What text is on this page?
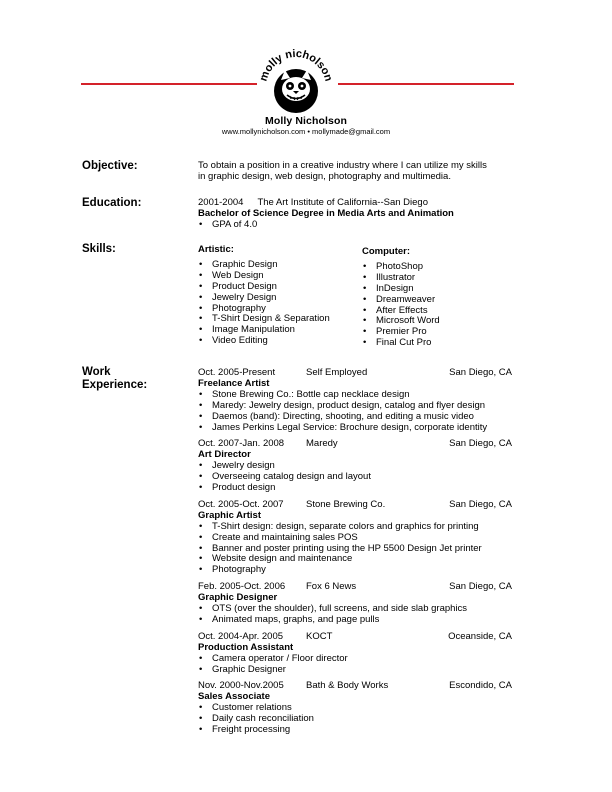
molly nicholson
Molly Nicholson
www.mollynicholson.com • mollymade@gmail.com
Objective:	To obtain a position in a creative industry where I can utilize my skills
in graphic design, web design, photography and multimedia.
Education:	2001-2004 The Art Institute of California--San Diego
Bachelor of Science Degree in Media Arts and Animation
• GPA of 4.0
Skills:	Artistic:
• Graphic Design
• Web Design
• Product Design
• Jewelry Design
• Photography
• T-Shirt Design & Separation
• Image Manipulation
• Video Editing
Computer:
• PhotoShop
• Illustrator
• InDesign
• Dreamweaver
• After Effects
• Microsoft Word
• Premier Pro
• Final Cut Pro
Work
Experience:
Oct. 2005-Present	Self Employed	San Diego, CA
Freelance Artist
• Stone Brewing Co.: Bottle cap necklace design
• Maredy: Jewelry design, product design, catalog and flyer design
• Daemos (band): Directing, shooting, and editing a music video
• James Perkins Legal Service: Brochure design, corporate identity
Oct. 2007-Jan. 2008 Maredy	San Diego, CA
Art Director
• Jewelry design
• Overseeing catalog design and layout
• Product design
Oct. 2005-Oct. 2007 Stone Brewing Co.	San Diego, CA
Graphic Artist
• T-Shirt design: design, separate colors and graphics for printing
• Create and maintaining sales POS
• Banner and poster printing using the HP 5500 Design Jet printer
• Website design and maintenance
• Photography
Feb. 2005-Oct. 2006 Fox 6 News	San Diego, CA
Graphic Designer
• OTS (over the shoulder), full screens, and side slab graphics
• Animated maps, graphs, and page pulls
Oct. 2004-Apr. 2005 KOCT	Oceanside, CA
Production Assistant
• Camera operator / Floor director
• Graphic Designer
Nov. 2000-Nov.2005 Bath & Body Works	Escondido, CA
Sales Associate
• Customer relations
• Daily cash reconciliation
• Freight processing
